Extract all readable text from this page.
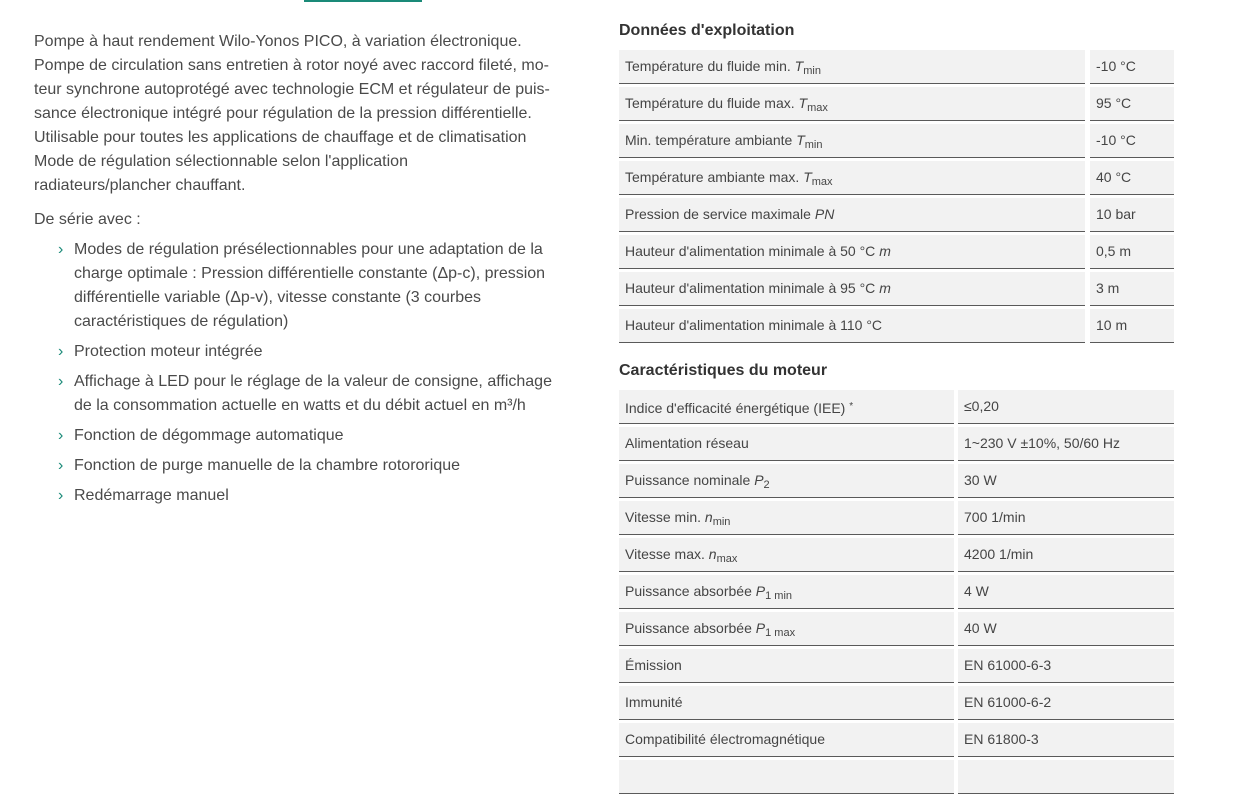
Pompe à haut rendement Wilo-Yonos PICO, à variation électronique.

Pompe de circulation sans entretien à rotor noyé avec raccord fileté, mo-

teur synchrone autoprotégé avec technologie ECM et régulateur de puis-

sance électronique intégré pour régulation de la pression différentielle.

Utilisable pour toutes les applications de chauffage et de climatisation

Mode de régulation sélectionnable selon l'application

radiateurs/plancher chauffant.

De série avec :
› Modes de régulation présélectionnables pour une adaptation de la charge optimale : Pression différentielle constante (Δp-c), pression différentielle variable (Δp-v), vitesse constante (3 courbes caractéristiques de régulation)
› Protection moteur intégrée
› Affichage à LED pour le réglage de la valeur de consigne, affichage de la consommation actuelle en watts et du débit actuel en m³/h
› Fonction de dégommage automatique
› Fonction de purge manuelle de la chambre rotororique
› Redémarrage manuel
Données d'exploitation
Température du fluide min. $T_{min}$	-10 °C
Température du fluide max. $T_{max}$	95 °C
Min. température ambiante $T_{min}$	-10 °C
Température ambiante max. $T_{max}$	40 °C
Pression de service maximale PN	10 bar
Hauteur d'alimentation minimale à 50 °C m	0,5 m
Hauteur d'alimentation minimale à 95 °C m	3 m
Hauteur d'alimentation minimale à 110 °C	10 m
Caractéristiques du moteur
Indice d'efficacité énergétique (IEE) *	≤0,20
Alimentation réseau	1~230 V ±10%, 50/60 Hz
Puissance nominale $P_2$	30 W
Vitesse min. $n_{min}$	700 1/min
Vitesse max. $n_{max}$	4200 1/min
Puissance absorbée $P_{1 min}$	4 W
Puissance absorbée $P_{1 max}$	40 W
Émission	EN 61000-6-3
Immunité	EN 61000-6-2
Compatibilité électromagnétique	EN 61800-3
